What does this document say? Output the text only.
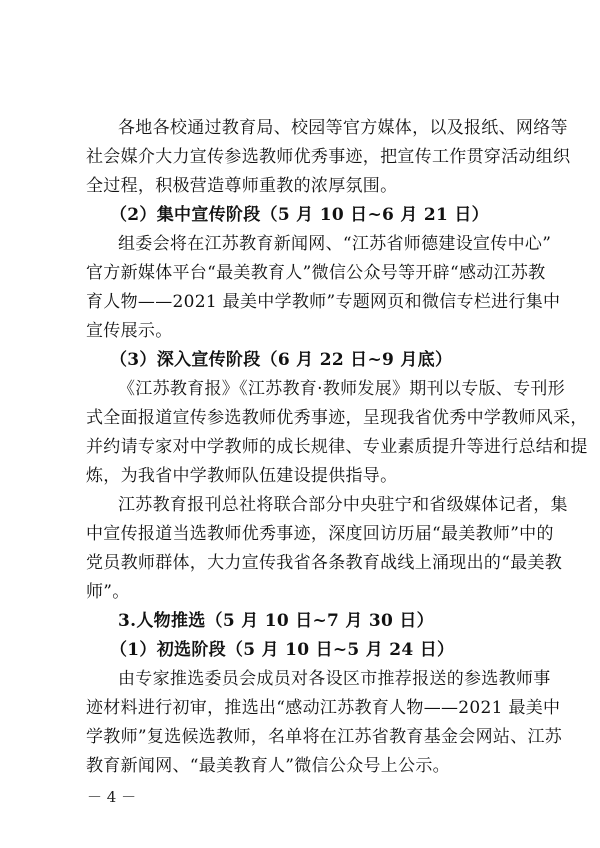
各地各校通过教育局、校园等官方媒体，以及报纸、网络等
社会媒介大力宣传参选教师优秀事迹，把宣传工作贯穿活动组织
全过程，积极营造尊师重教的浓厚氛围。
（2）集中宣传阶段（5 月 10 日~6 月 21 日）
组委会将在江苏教育新闻网、“江苏省师德建设宣传中心”
官方新媒体平台“最美教育人”微信公众号等开辟“感动江苏教
育人物——2021 最美中学教师”专题网页和微信专栏进行集中
宣传展示。
（3）深入宣传阶段（6 月 22 日~9 月底）
《江苏教育报》《江苏教育·教师发展》期刊以专版、专刊形
式全面报道宣传参选教师优秀事迹，呈现我省优秀中学教师风采，
并约请专家对中学教师的成长规律、专业素质提升等进行总结和提
炼，为我省中学教师队伍建设提供指导。
江苏教育报刊总社将联合部分中央驻宁和省级媒体记者，集
中宣传报道当选教师优秀事迹，深度回访历届“最美教师”中的
党员教师群体，大力宣传我省各条教育战线上涌现出的“最美教
师”。
3.人物推选（5 月 10 日~7 月 30 日）
（1）初选阶段（5 月 10 日~5 月 24 日）
由专家推选委员会成员对各设区市推荐报送的参选教师事
迹材料进行初审，推选出“感动江苏教育人物——2021 最美中
学教师”复选候选教师，名单将在江苏省教育基金会网站、江苏
教育新闻网、“最美教育人”微信公众号上公示。
－ 4 －
